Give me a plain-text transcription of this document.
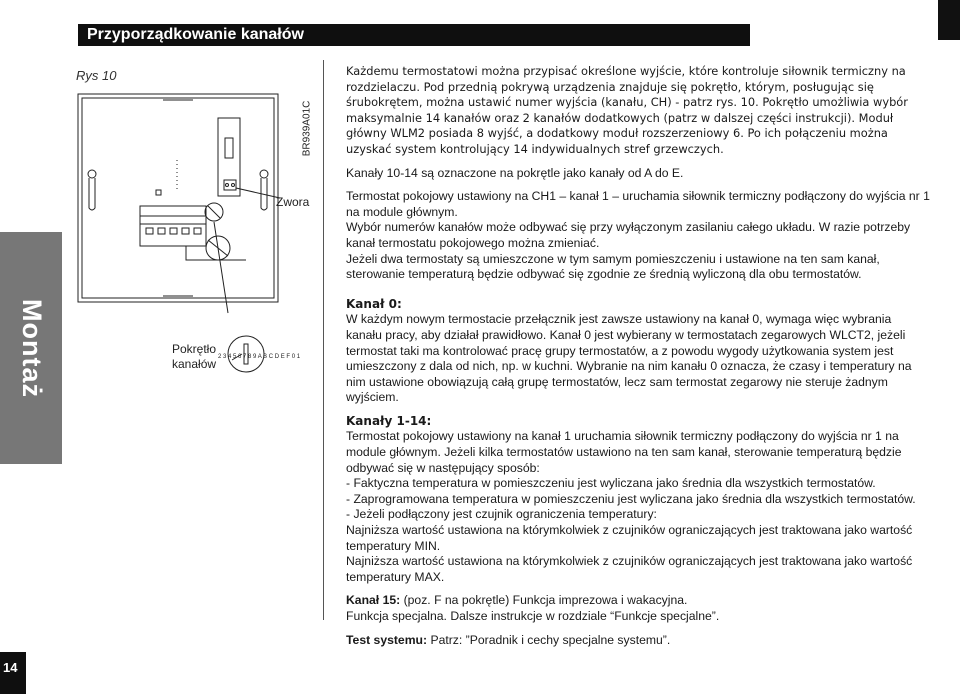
Przyporządkowanie kanałów
Montaż
Rys 10
BR939A01C
2 3 4 5 6 7 8 9 A B C D E F 0 1
Zwora
Pokrętło
kanałów

Każdemu termostatowi można przypisać określone wyjście, które kontroluje siłownik termiczny na rozdzielaczu. Pod przednią pokrywą urządzenia znajduje się pokrętło, którym, posługując się śrubokrętem, można ustawić numer wyjścia (kanału, CH) - patrz rys. 10. Pokrętło umożliwia wybór maksymalnie 14 kanałów oraz 2 kanałów dodatkowych (patrz w dalszej części instrukcji). Moduł główny WLM2 posiada 8 wyjść, a dodatkowy moduł rozszerzeniowy 6. Po ich połączeniu można uzyskać system kontrolujący 14 indywidualnych stref grzewczych.

Kanały 10-14 są oznaczone na pokrętle jako kanały od A do E.

Termostat pokojowy ustawiony na CH1 – kanał 1 – uruchamia siłownik termiczny podłączony do wyjścia nr 1 na module głównym.

Wybór numerów kanałów może odbywać się przy wyłączonym zasilaniu całego układu. W razie potrzeby kanał termostatu pokojowego można zmieniać.

Jeżeli dwa termostaty są umieszczone w tym samym pomieszczeniu i ustawione na ten sam kanał, sterowanie temperaturą będzie odbywać się zgodnie ze średnią wyliczoną dla obu termostatów.

Kanał 0:

W każdym nowym termostacie przełącznik jest zawsze ustawiony na kanał 0, wymaga więc wybrania kanału pracy, aby działał prawidłowo. Kanał 0 jest wybierany w termostatach zegarowych WLCT2, jeżeli termostat taki ma kontrolować pracę grupy termostatów, a z powodu wygody użytkowania system jest umieszczony z dala od nich, np. w kuchni. Wybranie na nim kanału 0 oznacza, że czasy i temperatury na nim ustawione obowiązują całą grupę termostatów, lecz sam termostat zegarowy nie steruje żadnym wyjściem.

Kanały 1-14:

Termostat pokojowy ustawiony na kanał 1 uruchamia siłownik termiczny podłączony do wyjścia nr 1 na module głównym. Jeżeli kilka termostatów ustawiono na ten sam kanał, sterowanie temperaturą będzie odbywać się w następujący sposób:

- Faktyczna temperatura w pomieszczeniu jest wyliczana jako średnia dla wszystkich termostatów.

- Zaprogramowana temperatura w pomieszczeniu jest wyliczana jako średnia dla wszystkich termostatów.

- Jeżeli podłączony jest czujnik ograniczenia temperatury:

Najniższa wartość ustawiona na którymkolwiek z czujników ograniczających jest traktowana jako wartość temperatury MIN.

Najniższa wartość ustawiona na którymkolwiek z czujników ograniczających jest traktowana jako wartość temperatury MAX.

Kanał 15: (poz. F na pokrętle) Funkcja imprezowa i wakacyjna.

Funkcja specjalna. Dalsze instrukcje w rozdziale “Funkcje specjalne”.

Test systemu: Patrz: ”Poradnik i cechy specjalne systemu”.

14
